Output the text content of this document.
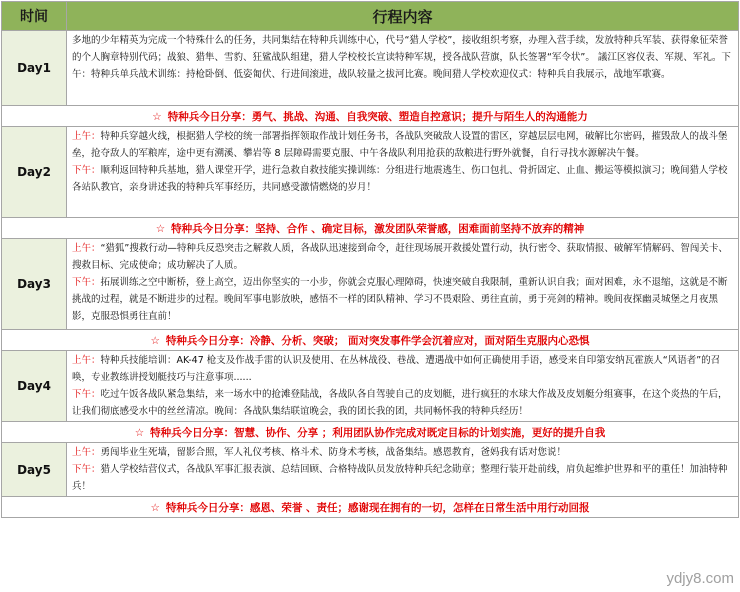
时间	行程内容
Day1	多地的少年精英为完成一个特殊什么的任务，共同集结在特种兵训练中心，代号“猎人学校”，接收组织考察，办理入营手续，发放特种兵军装、获得象征荣誉的个人胸章特别代码；战狼、猎隼、雪豹、狂鲨战队组建，猎人学校校长宣读特种军规，授各战队营旗，队长签署“军令状”。 議江区容仪表、军规、军礼。下午：特种兵单兵战术训练：持枪卧倒、低姿匍伏、行进间滚进，战队较量之拔河比赛。晚间猎人学校欢迎仪式：特种兵自我展示，战地军歌赛。

☆ 特种兵今日分享：勇气、挑战、沟通、自我突破、塑造自控意识；提升与陌生人的沟通能力	
Day2	上午：特种兵穿越火线，根据猎人学校的统一部署指挥领取作战计划任务书，各战队突破敌人设置的雷区，穿越层层电网，破解比尔密码，摧毁敌人的战斗堡垒，抢夺敌人的军粮库，途中更有溯溪、攀岩等 8 层障碍需要克服、中午各战队利用抢获的敌粮进行野外就餐，自行寻找水源解决午餐。
下午：顺利返回特种兵基地，猎人课堂开学，进行急救自救技能实操训练：分组进行地震逃生、伤口包扎、骨折固定、止血、搬运等模拟演习；晚间猎人学校各站队教官，亲身讲述我的特种兵军事经历，共同感受激情燃烧的岁月！

☆ 特种兵今日分享：坚持、合作 、确定目标，激发团队荣誉感，困难面前坚持不放弃的精神	
Day3	上午：“猎狐”搜救行动—特种兵反恐突击之解救人质，各战队迅速接到命令，赶往现场展开救援处置行动，执行密令、获取情报、破解军情解码、智闯关卡、搜救目标、完成使命；成功解决了人质。
下午：拓展训练之空中断桥，登上高空，迈出你坚实的一小步，你就会克服心理障碍，快速突破自我限制，重新认识自我；面对困难，永不退缩，这就是不断挑战的过程，就是不断进步的过程。晚间军事电影放映，感悟不一样的团队精神、学习不畏艰险、勇往直前，勇于亮剑的精神。晚间夜探幽灵城堡之月夜黑影，克服恐惧勇往直前！

☆ 特种兵今日分享：冷静、分析、突破； 面对突发事件学会沉着应对，面对陌生克服内心恐惧	
Day4	上午：特种兵技能培训：AK-47 枪支及作战手雷的认识及使用、在丛林战役、巷战、遭遇战中如何正确使用手语，感受来自印第安纳瓦霍族人“风语者”的召唤，专业教练讲授划艇技巧与注意事项......
下午：吃过午饭各战队紧急集结，来一场水中的抢滩登陆战，各战队各自驾驶自己的皮划艇，进行疯狂的水球大作战及皮划艇分组赛事，在这个炎热的午后，让我们彻底感受水中的丝丝清凉。晚间：各战队集结联谊晚会，我的团长我的团，共同畅怀我的特种兵经历！

☆ 特种兵今日分享：智慧、协作、分享 ；利用团队协作完成对既定目标的计划实施，更好的提升自我	
Day5	上午：勇闯毕业生死墙，留影合照，军人礼仪考核、格斗术、防身术考核，战备集结。感恩教育，爸妈我有话对您说！
下午：猎人学校结营仪式，各战队军事汇报表演、总结回顾、合格特战队员发放特种兵纪念勋章；整理行装开赴前线，肩负起维护世界和平的重任！加油特种兵！

☆ 特种兵今日分享：感恩、荣誉 、责任；感谢现在拥有的一切，怎样在日常生活中用行动回报	
ydjy8.com
